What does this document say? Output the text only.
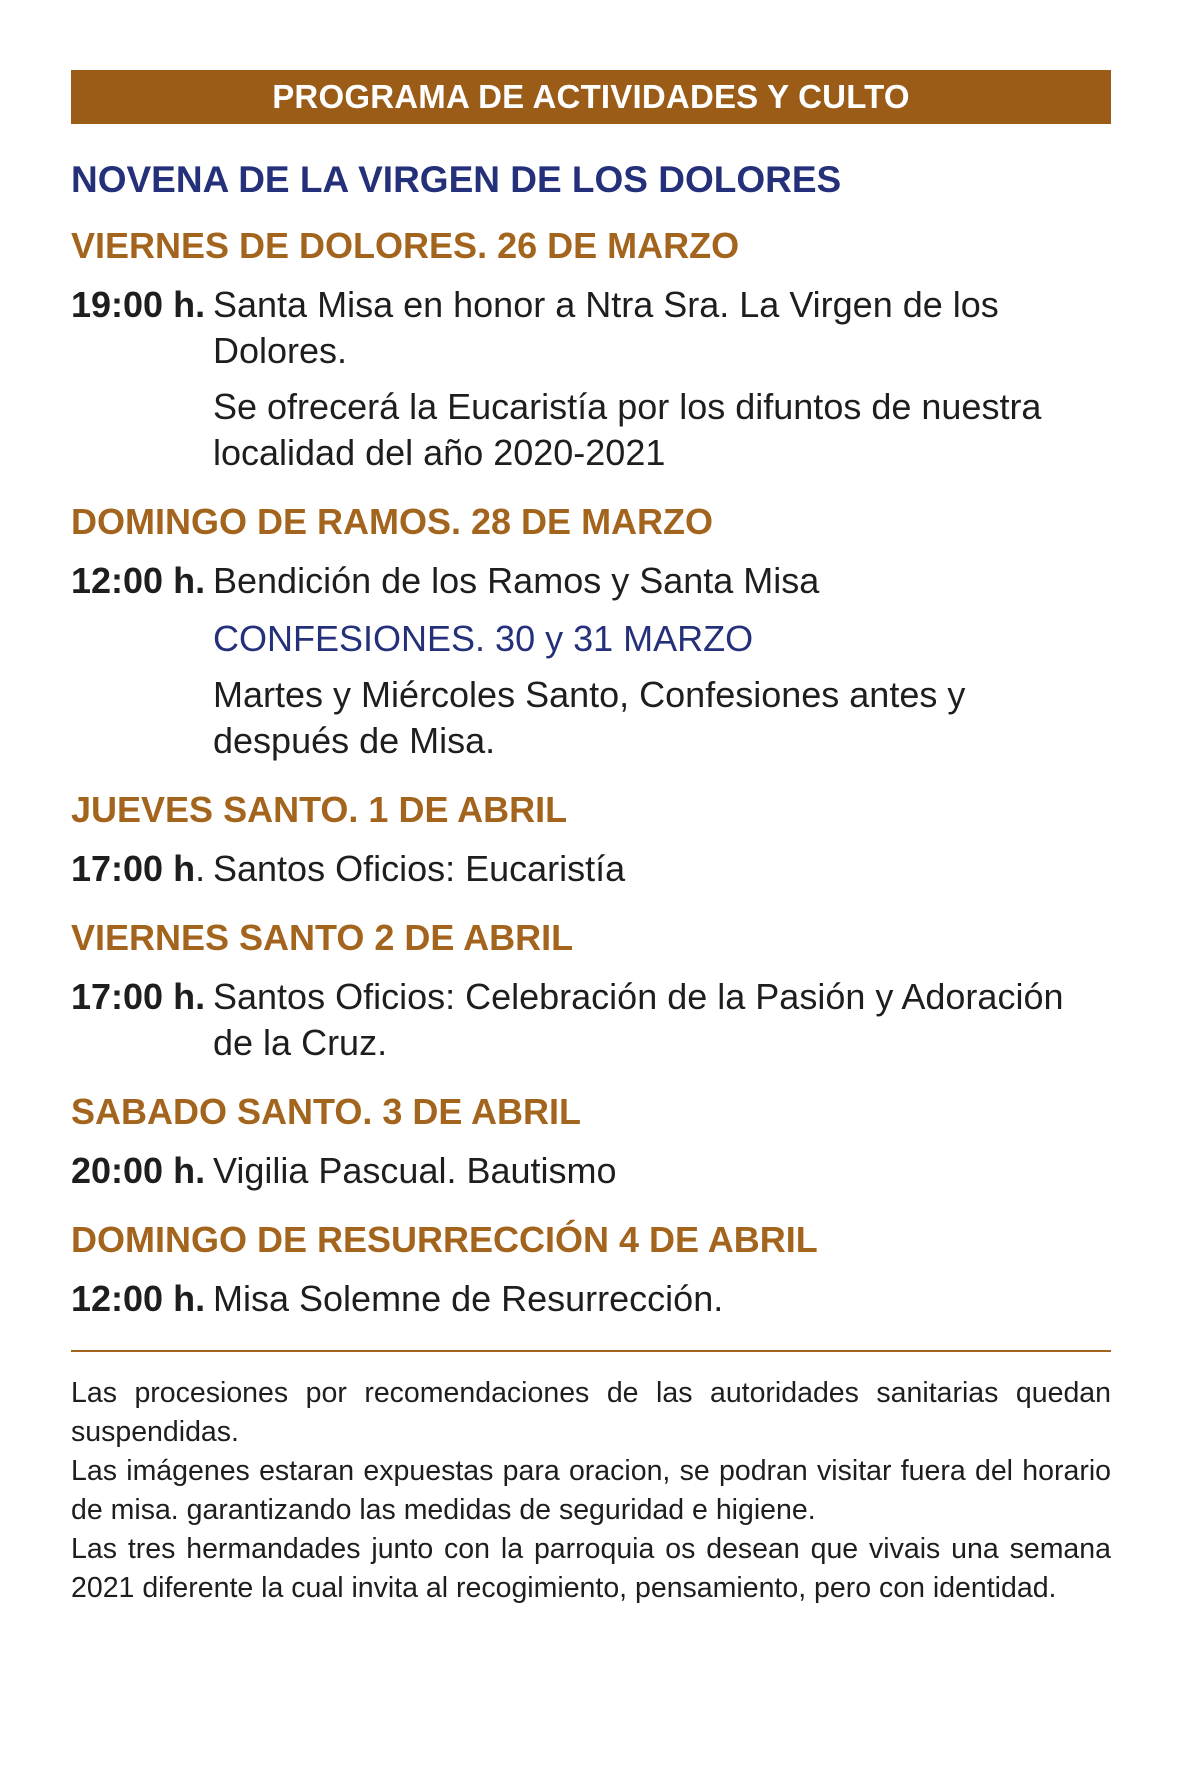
PROGRAMA DE ACTIVIDADES Y CULTO
NOVENA DE LA VIRGEN DE LOS DOLORES
VIERNES DE DOLORES. 26 DE MARZO
19:00 h. Santa Misa en honor a Ntra Sra. La Virgen de los Dolores.
Se ofrecerá la Eucaristía por los difuntos de nuestra localidad del año 2020-2021
DOMINGO DE RAMOS. 28 DE MARZO
12:00 h. Bendición de los Ramos y Santa Misa
CONFESIONES. 30 y 31 MARZO
Martes y Miércoles Santo, Confesiones antes y después de Misa.
JUEVES SANTO. 1 DE ABRIL
17:00 h. Santos Oficios: Eucaristía
VIERNES SANTO 2 DE ABRIL
17:00 h. Santos Oficios: Celebración de la Pasión y Adoración de la Cruz.
SABADO SANTO. 3 DE ABRIL
20:00 h. Vigilia Pascual. Bautismo
DOMINGO DE RESURRECCIÓN 4 DE ABRIL
12:00 h. Misa Solemne de Resurrección.

Las procesiones por recomendaciones de las autoridades sanitarias quedan suspendidas.

Las imágenes estaran expuestas para oracion, se podran visitar fuera del horario de misa. garantizando las medidas de seguridad e higiene.

Las tres hermandades junto con la parroquia os desean que vivais una semana 2021 diferente la cual invita al recogimiento, pensamiento, pero con identidad.
